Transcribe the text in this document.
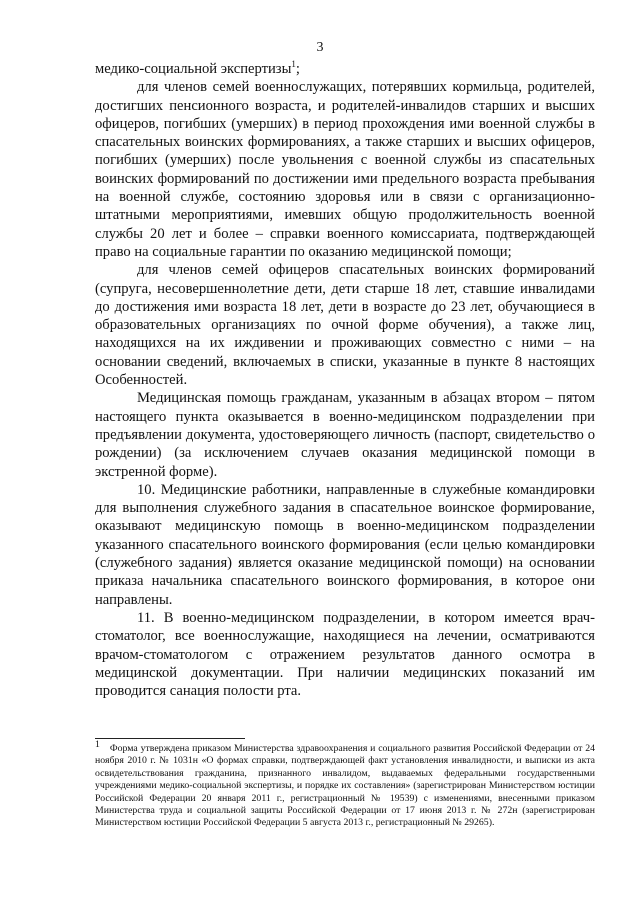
3

медико-социальной экспертизы$^1$;

для членов семей военнослужащих, потерявших кормильца, родителей, достигших пенсионного возраста, и родителей-инвалидов старших и высших офицеров, погибших (умерших) в период прохождения ими военной службы в спасательных воинских формированиях, а также старших и высших офицеров, погибших (умерших) после увольнения с военной службы из спасательных воинских формирований по достижении ими предельного возраста пребывания на военной службе, состоянию здоровья или в связи с организационно-штатными мероприятиями, имевших общую продолжительность военной службы 20 лет и более – справки военного комиссариата, подтверждающей право на социальные гарантии по оказанию медицинской помощи;

для членов семей офицеров спасательных воинских формирований (супруга, несовершеннолетние дети, дети старше 18 лет, ставшие инвалидами до достижения ими возраста 18 лет, дети в возрасте до 23 лет, обучающиеся в образовательных организациях по очной форме обучения), а также лиц, находящихся на их иждивении и проживающих совместно с ними – на основании сведений, включаемых в списки, указанные в пункте 8 настоящих Особенностей.

Медицинская помощь гражданам, указанным в абзацах втором – пятом настоящего пункта оказывается в военно-медицинском подразделении при предъявлении документа, удостоверяющего личность (паспорт, свидетельство о рождении) (за исключением случаев оказания медицинской помощи в экстренной форме).

10. Медицинские работники, направленные в служебные командировки для выполнения служебного задания в спасательное воинское формирование, оказывают медицинскую помощь в военно-медицинском подразделении указанного спасательного воинского формирования (если целью командировки (служебного задания) является оказание медицинской помощи) на основании приказа начальника спасательного воинского формирования, в которое они направлены.

11. В военно-медицинском подразделении, в котором имеется врач-стоматолог, все военнослужащие, находящиеся на лечении, осматриваются врачом-стоматологом с отражением результатов данного осмотра в медицинской документации. При наличии медицинских показаний им проводится санация полости рта.

$^1$ Форма утверждена приказом Министерства здравоохранения и социального развития Российской Федерации от 24 ноября 2010 г. № 1031н «О формах справки, подтверждающей факт установления инвалидности, и выписки из акта освидетельствования гражданина, признанного инвалидом, выдаваемых федеральными государственными учреждениями медико-социальной экспертизы, и порядке их составления» (зарегистрирован Министерством юстиции Российской Федерации 20 января 2011 г., регистрационный № 19539) с изменениями, внесенными приказом Министерства труда и социальной защиты Российской Федерации от 17 июня 2013 г. № 272н (зарегистрирован Министерством юстиции Российской Федерации 5 августа 2013 г., регистрационный № 29265).
